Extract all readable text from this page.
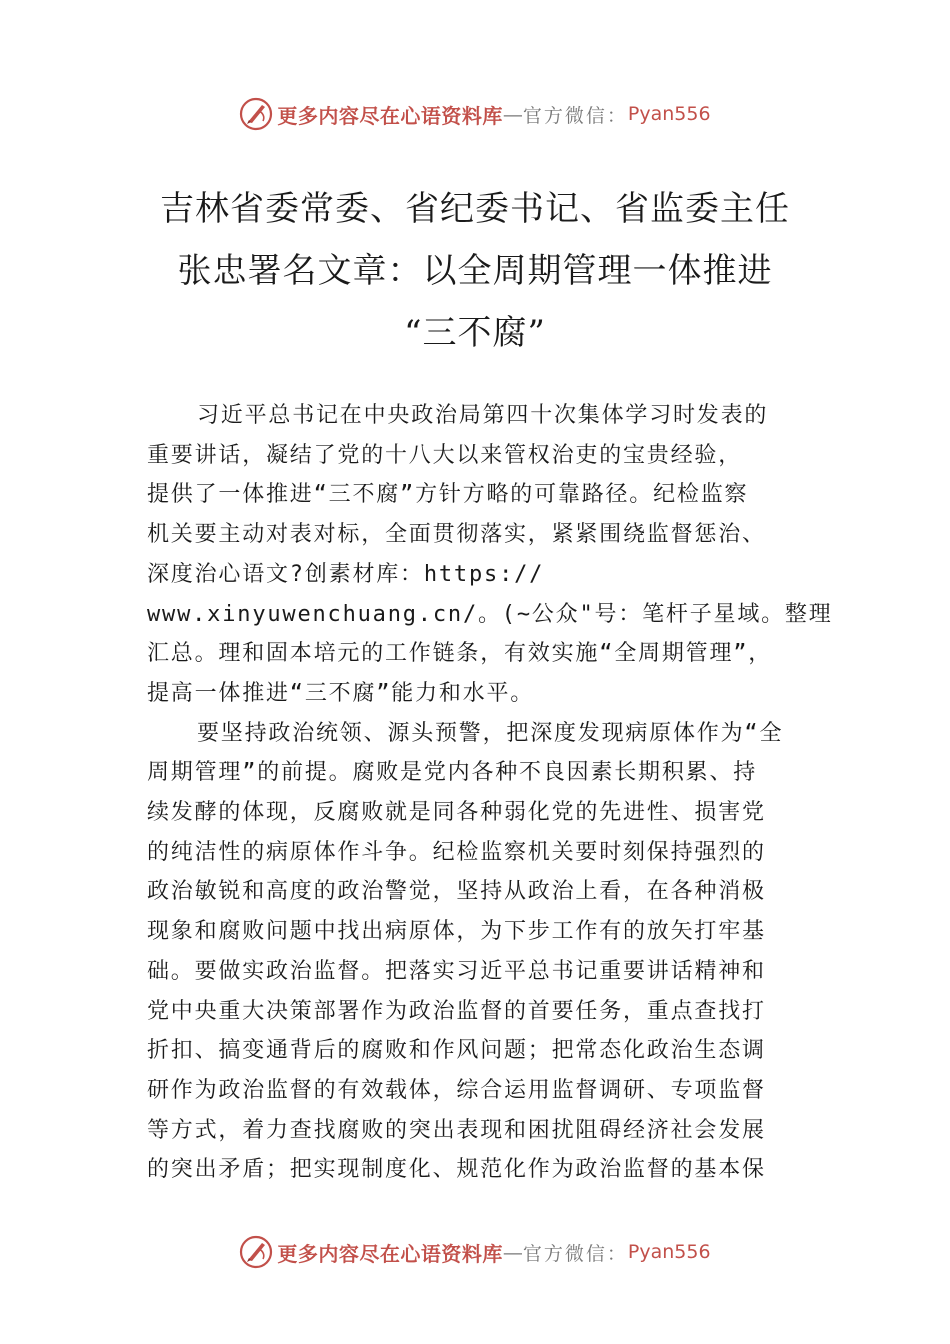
更多内容尽在心语资料库 — 官方微信： Pyan556
吉林省委常委、省纪委书记、省监委主任
张忠署名文章：以全周期管理一体推进
“三不腐”
习近平总书记在中央政治局第四十次集体学习时发表的
重要讲话，凝结了党的十八大以来管权治吏的宝贵经验，
提供了一体推进“三不腐”方针方略的可靠路径。纪检监察
机关要主动对表对标，全面贯彻落实，紧紧围绕监督惩治、
深度治心语文?创素材库：https://
www.xinyuwenchuang.cn/。(~公众"号：笔杆子星域。整理
汇总。理和固本培元的工作链条，有效实施“全周期管理”，
提高一体推进“三不腐”能力和水平。
要坚持政治统领、源头预警，把深度发现病原体作为“全
周期管理”的前提。腐败是党内各种不良因素长期积累、持
续发酵的体现，反腐败就是同各种弱化党的先进性、损害党
的纯洁性的病原体作斗争。纪检监察机关要时刻保持强烈的
政治敏锐和高度的政治警觉，坚持从政治上看，在各种消极
现象和腐败问题中找出病原体，为下步工作有的放矢打牢基
础。要做实政治监督。把落实习近平总书记重要讲话精神和
党中央重大决策部署作为政治监督的首要任务，重点查找打
折扣、搞变通背后的腐败和作风问题；把常态化政治生态调
研作为政治监督的有效载体，综合运用监督调研、专项监督
等方式，着力查找腐败的突出表现和困扰阻碍经济社会发展
的突出矛盾；把实现制度化、规范化作为政治监督的基本保
更多内容尽在心语资料库 — 官方微信： Pyan556
